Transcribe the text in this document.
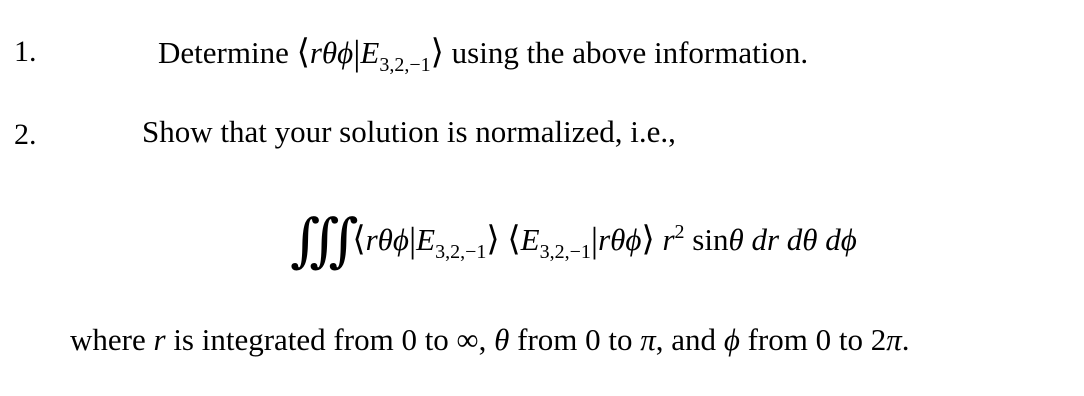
1.	Determine $⟨r\theta\phi|E_{3,2,-1}⟩$ using the above information.
2.	Show that your solution is normalized, i.e.,
∭ $⟨r\theta\phi|E_{3,2,-1}⟩$ $⟨E_{3,2,-1}|r\theta\phi⟩$ $r^2$ sinθ dr dθ dϕ
where r is integrated from 0 to ∞, θ from 0 to π, and ϕ from 0 to 2π.
